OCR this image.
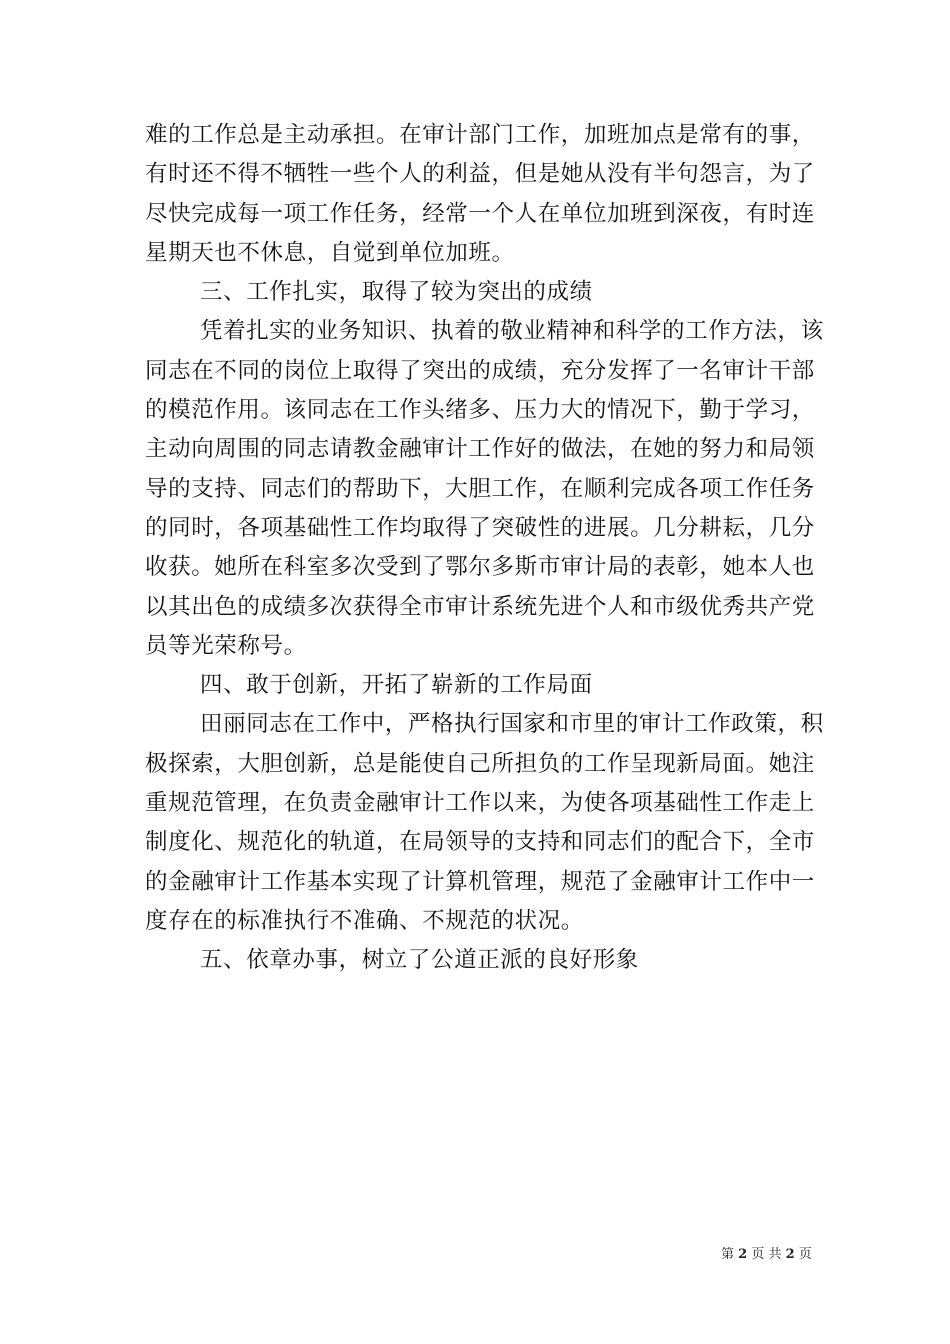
难的工作总是主动承担。在审计部门工作，加班加点是常有的事，
有时还不得不牺牲一些个人的利益，但是她从没有半句怨言，为了
尽快完成每一项工作任务，经常一个人在单位加班到深夜，有时连
星期天也不休息，自觉到单位加班。
三、工作扎实，取得了较为突出的成绩
凭着扎实的业务知识、执着的敬业精神和科学的工作方法，该
同志在不同的岗位上取得了突出的成绩，充分发挥了一名审计干部
的模范作用。该同志在工作头绪多、压力大的情况下，勤于学习，
主动向周围的同志请教金融审计工作好的做法，在她的努力和局领
导的支持、同志们的帮助下，大胆工作，在顺利完成各项工作任务
的同时，各项基础性工作均取得了突破性的进展。几分耕耘，几分
收获。她所在科室多次受到了鄂尔多斯市审计局的表彰，她本人也
以其出色的成绩多次获得全市审计系统先进个人和市级优秀共产党
员等光荣称号。
四、敢于创新，开拓了崭新的工作局面
田丽同志在工作中，严格执行国家和市里的审计工作政策，积
极探索，大胆创新，总是能使自己所担负的工作呈现新局面。她注
重规范管理，在负责金融审计工作以来，为使各项基础性工作走上
制度化、规范化的轨道，在局领导的支持和同志们的配合下，全市
的金融审计工作基本实现了计算机管理，规范了金融审计工作中一
度存在的标准执行不准确、不规范的状况。
五、依章办事，树立了公道正派的良好形象
第 2 页 共 2 页
